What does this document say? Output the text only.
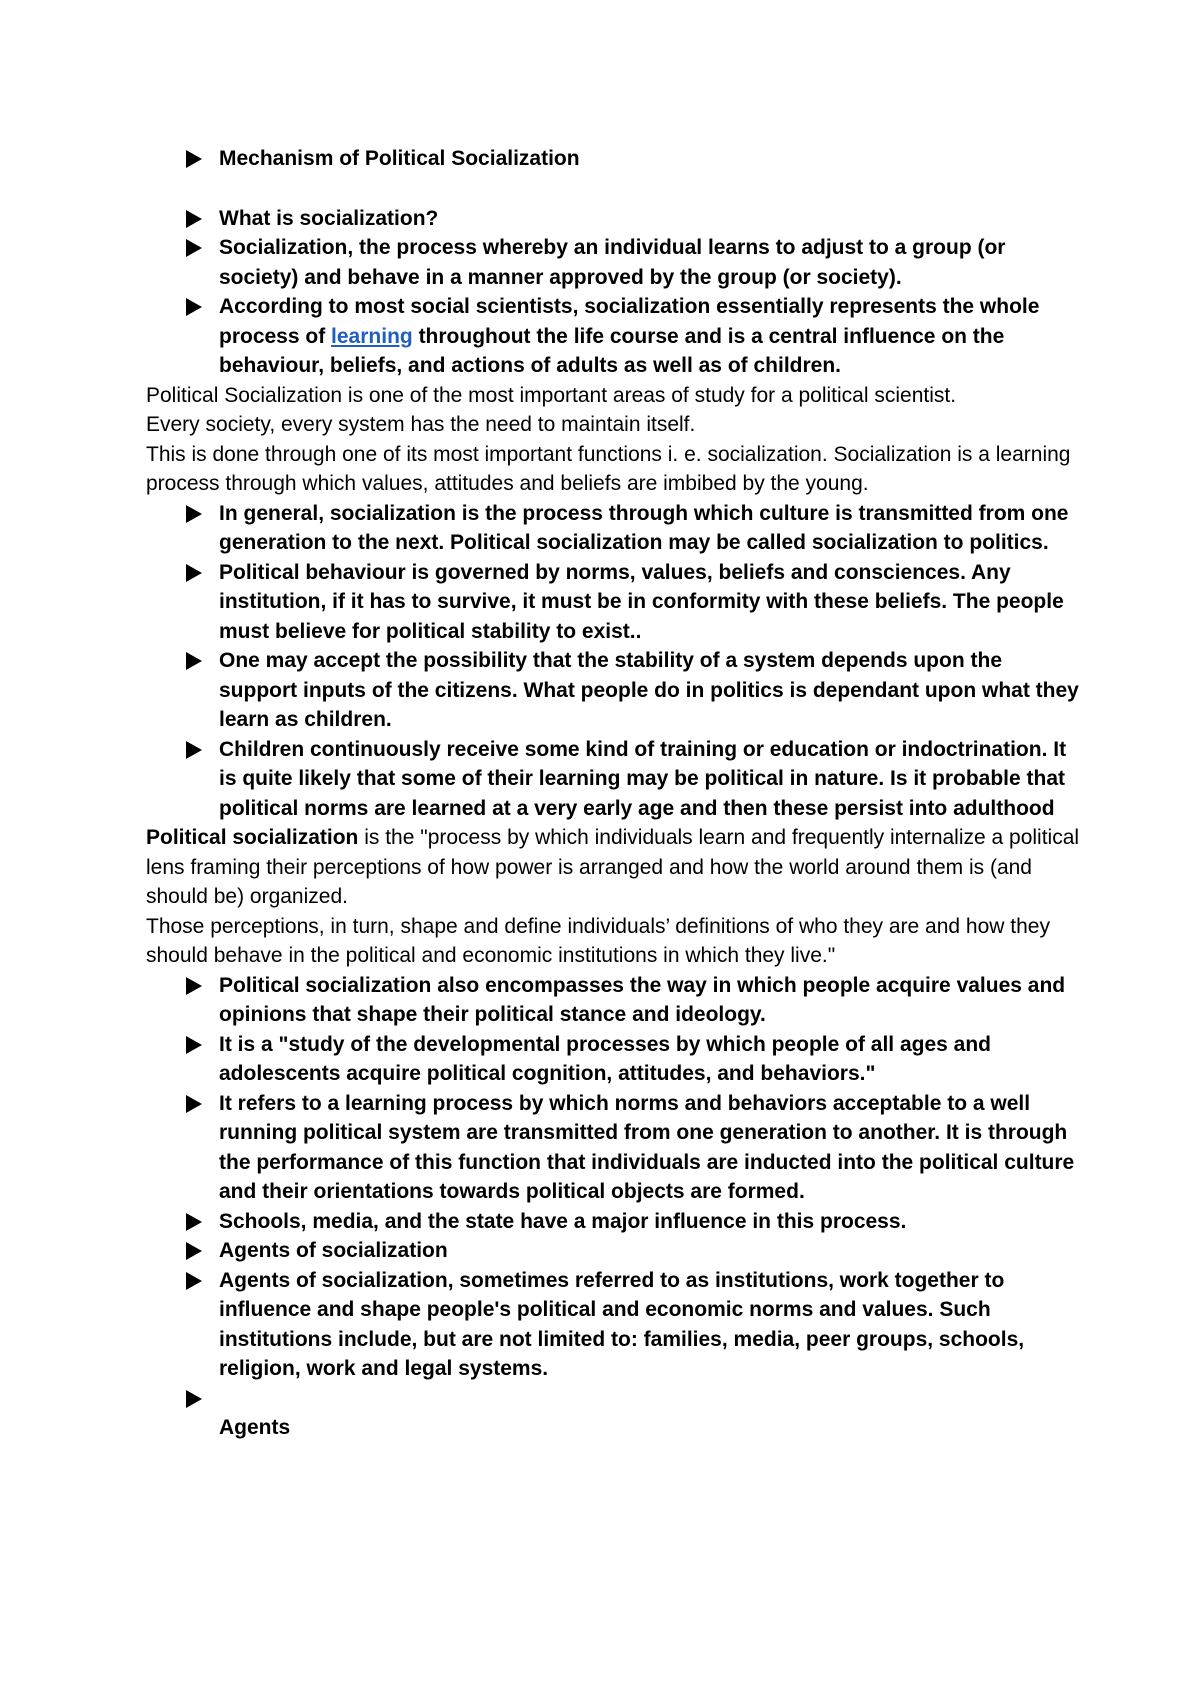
Mechanism of Political Socialization
What is socialization?
Socialization, the process whereby an individual learns to adjust to a group (or society) and behave in a manner approved by the group (or society).
According to most social scientists, socialization essentially represents the whole process of learning throughout the life course and is a central influence on the behaviour, beliefs, and actions of adults as well as of children.
Political Socialization is one of the most important areas of study for a political scientist.
Every society, every system has the need to maintain itself.
This is done through one of its most important functions i. e. socialization. Socialization is a learning process through which values, attitudes and beliefs are imbibed by the young.
In general, socialization is the process through which culture is transmitted from one generation to the next. Political socialization may be called socialization to politics.
Political behaviour is governed by norms, values, beliefs and consciences. Any institution, if it has to survive, it must be in conformity with these beliefs. The people must believe for political stability to exist..
One may accept the possibility that the stability of a system depends upon the support inputs of the citizens. What people do in politics is dependant upon what they learn as children.
Children continuously receive some kind of training or education or indoctrination. It is quite likely that some of their learning may be political in nature. Is it probable that political norms are learned at a very early age and then these persist into adulthood
Political socialization is the "process by which individuals learn and frequently internalize a political lens framing their perceptions of how power is arranged and how the world around them is (and should be) organized.
Those perceptions, in turn, shape and define individuals’ definitions of who they are and how they should behave in the political and economic institutions in which they live."
Political socialization also encompasses the way in which people acquire values and opinions that shape their political stance and ideology.
It is a "study of the developmental processes by which people of all ages and adolescents acquire political cognition, attitudes, and behaviors."
It refers to a learning process by which norms and behaviors acceptable to a well running political system are transmitted from one generation to another. It is through the performance of this function that individuals are inducted into the political culture and their orientations towards political objects are formed.
Schools, media, and the state have a major influence in this process.
Agents of socialization
Agents of socialization, sometimes referred to as institutions, work together to influence and shape people's political and economic norms and values. Such institutions include, but are not limited to: families, media, peer groups, schools, religion, work and legal systems.

Agents
